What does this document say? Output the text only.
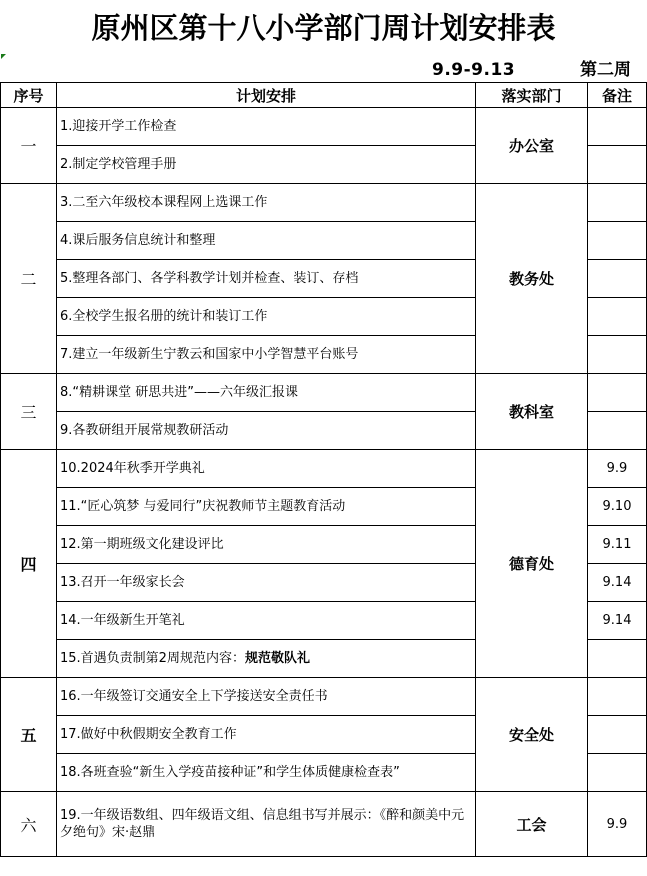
原州区第十八小学部门周计划安排表
9.9-9.13	第二周
序号	计划安排	落实部门	备注
一	1.迎接开学工作检查	办公室	
	2.制定学校管理手册		
二	3.二至六年级校本课程网上选课工作	教务处	
	4.课后服务信息统计和整理		
	5.整理各部门、各学科教学计划并检查、装订、存档		
	6.全校学生报名册的统计和装订工作		
	7.建立一年级新生宁教云和国家中小学智慧平台账号		
三	8.“精耕课堂 研思共进”——六年级汇报课	教科室	
	9.各教研组开展常规教研活动		
四	10.2024年秋季开学典礼	德育处	9.9
	11.“匠心筑梦 与爱同行”庆祝教师节主题教育活动		9.10
	12.第一期班级文化建设评比		9.11
	13.召开一年级家长会		9.14
	14.一年级新生开笔礼		9.14
	15.首遇负责制第2周规范内容：规范敬队礼		
五	16.一年级签订交通安全上下学接送安全责任书	安全处	
	17.做好中秋假期安全教育工作		
	18.各班查验“新生入学疫苗接种证”和学生体质健康检查表”		
六	19.一年级语数组、四年级语文组、信息组书写并展示：《醉和颜美中元夕绝句》宋·赵鼎	工会	9.9
